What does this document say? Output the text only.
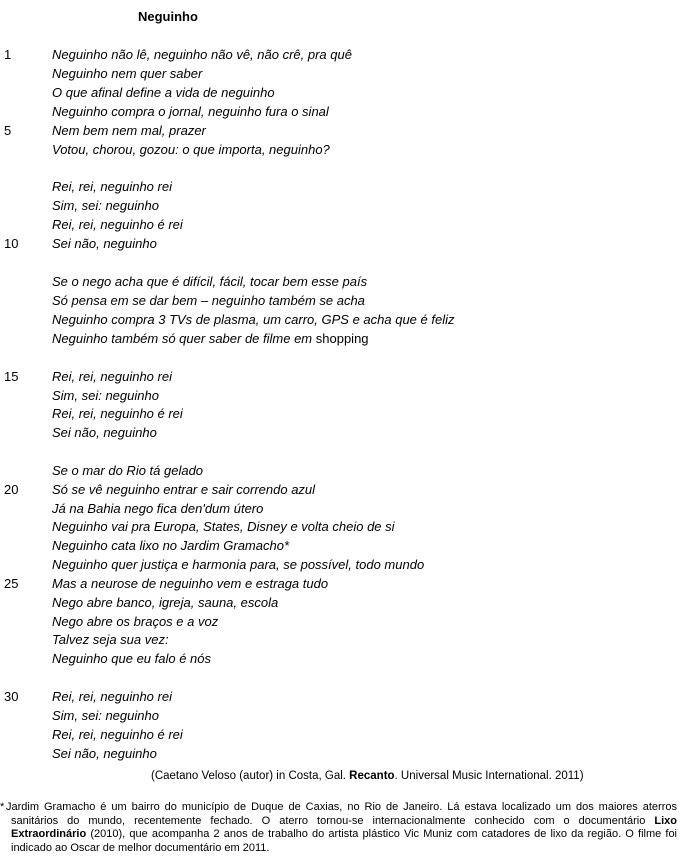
Neguinho
1
5
10
15
20
25
30
Neguinho não lê, neguinho não vê, não crê, pra quê
Neguinho nem quer saber
O que afinal define a vida de neguinho
Neguinho compra o jornal, neguinho fura o sinal
Nem bem nem mal, prazer
Votou, chorou, gozou: o que importa, neguinho?
Rei, rei, neguinho rei
Sim, sei: neguinho
Rei, rei, neguinho é rei
Sei não, neguinho
Se o nego acha que é difícil, fácil, tocar bem esse país
Só pensa em se dar bem – neguinho também se acha
Neguinho compra 3 TVs de plasma, um carro, GPS e acha que é feliz
Neguinho também só quer saber de filme em shopping
Rei, rei, neguinho rei
Sim, sei: neguinho
Rei, rei, neguinho é rei
Sei não, neguinho
Se o mar do Rio tá gelado
Só se vê neguinho entrar e sair correndo azul
Já na Bahia nego fica den'dum útero
Neguinho vai pra Europa, States, Disney e volta cheio de si
Neguinho cata lixo no Jardim Gramacho*
Neguinho quer justiça e harmonia para, se possível, todo mundo
Mas a neurose de neguinho vem e estraga tudo
Nego abre banco, igreja, sauna, escola
Nego abre os braços e a voz
Talvez seja sua vez:
Neguinho que eu falo é nós
Rei, rei, neguinho rei
Sim, sei: neguinho
Rei, rei, neguinho é rei
Sei não, neguinho
(Caetano Veloso (autor) in Costa, Gal. Recanto. Universal Music International. 2011)
* Jardim Gramacho é um bairro do município de Duque de Caxias, no Rio de Janeiro. Lá estava localizado um dos maiores aterros sanitários do mundo, recentemente fechado. O aterro tornou-se internacionalmente conhecido com o documentário Lixo Extraordinário (2010), que acompanha 2 anos de trabalho do artista plástico Vic Muniz com catadores de lixo da região. O filme foi indicado ao Oscar de melhor documentário em 2011.
